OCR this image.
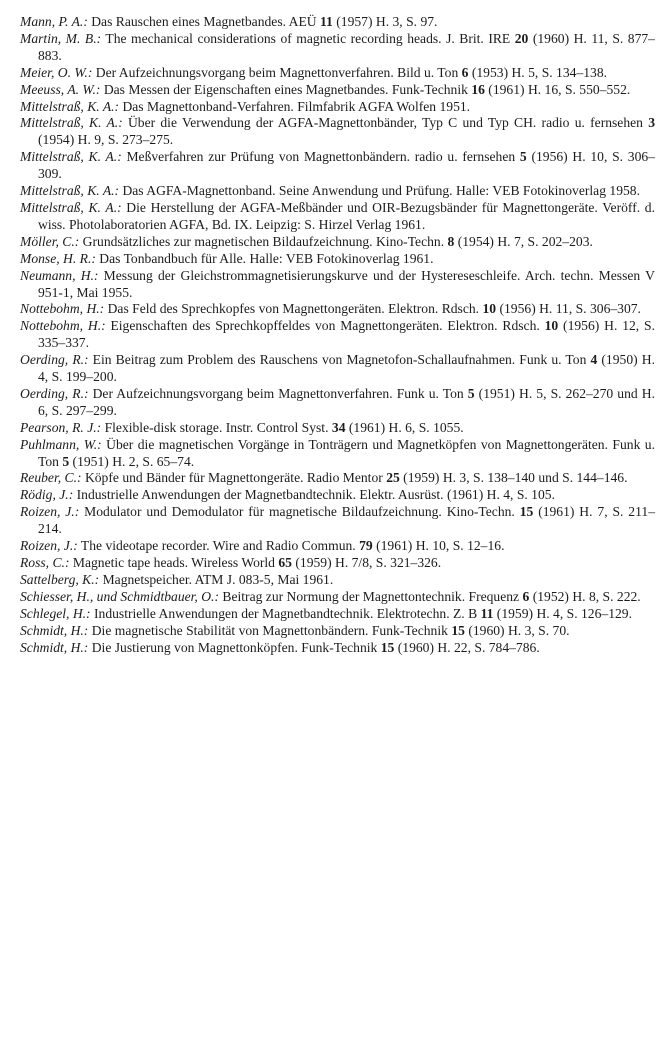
Mann, P. A.: Das Rauschen eines Magnetbandes. AEÜ 11 (1957) H. 3, S. 97.

Martin, M. B.: The mechanical considerations of magnetic recording heads. J. Brit. IRE 20 (1960) H. 11, S. 877–883.

Meier, O. W.: Der Aufzeichnungsvorgang beim Magnettonverfahren. Bild u. Ton 6 (1953) H. 5, S. 134–138.

Meeuss, A. W.: Das Messen der Eigenschaften eines Magnetbandes. Funk-Technik 16 (1961) H. 16, S. 550–552.

Mittelstraß, K. A.: Das Magnettonband-Verfahren. Filmfabrik AGFA Wolfen 1951.

Mittelstraß, K. A.: Über die Verwendung der AGFA-Magnettonbänder, Typ C und Typ CH. radio u. fernsehen 3 (1954) H. 9, S. 273–275.

Mittelstraß, K. A.: Meßverfahren zur Prüfung von Magnettonbändern. radio u. fernsehen 5 (1956) H. 10, S. 306–309.

Mittelstraß, K. A.: Das AGFA-Magnettonband. Seine Anwendung und Prüfung. Halle: VEB Fotokinoverlag 1958.

Mittelstraß, K. A.: Die Herstellung der AGFA-Meßbänder und OIR-Bezugsbänder für Magnettongeräte. Veröff. d. wiss. Photolaboratorien AGFA, Bd. IX. Leipzig: S. Hirzel Verlag 1961.

Möller, C.: Grundsätzliches zur magnetischen Bildaufzeichnung. Kino-Techn. 8 (1954) H. 7, S. 202–203.

Monse, H. R.: Das Tonbandbuch für Alle. Halle: VEB Fotokinoverlag 1961.

Neumann, H.: Messung der Gleichstrommagnetisierungskurve und der Hystereseschleife. Arch. techn. Messen V 951-1, Mai 1955.

Nottebohm, H.: Das Feld des Sprechkopfes von Magnettongeräten. Elektron. Rdsch. 10 (1956) H. 11, S. 306–307.

Nottebohm, H.: Eigenschaften des Sprechkopffeldes von Magnettongeräten. Elektron. Rdsch. 10 (1956) H. 12, S. 335–337.

Oerding, R.: Ein Beitrag zum Problem des Rauschens von Magnetofon-Schallaufnahmen. Funk u. Ton 4 (1950) H. 4, S. 199–200.

Oerding, R.: Der Aufzeichnungsvorgang beim Magnettonverfahren. Funk u. Ton 5 (1951) H. 5, S. 262–270 und H. 6, S. 297–299.

Pearson, R. J.: Flexible-disk storage. Instr. Control Syst. 34 (1961) H. 6, S. 1055.

Puhlmann, W.: Über die magnetischen Vorgänge in Tonträgern und Magnetköpfen von Magnettongeräten. Funk u. Ton 5 (1951) H. 2, S. 65–74.

Reuber, C.: Köpfe und Bänder für Magnettongeräte. Radio Mentor 25 (1959) H. 3, S. 138–140 und S. 144–146.

Rödig, J.: Industrielle Anwendungen der Magnetbandtechnik. Elektr. Ausrüst. (1961) H. 4, S. 105.

Roizen, J.: Modulator und Demodulator für magnetische Bildaufzeichnung. Kino-Techn. 15 (1961) H. 7, S. 211–214.

Roizen, J.: The videotape recorder. Wire and Radio Commun. 79 (1961) H. 10, S. 12–16.

Ross, C.: Magnetic tape heads. Wireless World 65 (1959) H. 7/8, S. 321–326.

Sattelberg, K.: Magnetspeicher. ATM J. 083-5, Mai 1961.

Schiesser, H., und Schmidtbauer, O.: Beitrag zur Normung der Magnettontechnik. Frequenz 6 (1952) H. 8, S. 222.

Schlegel, H.: Industrielle Anwendungen der Magnetbandtechnik. Elektrotechn. Z. B 11 (1959) H. 4, S. 126–129.

Schmidt, H.: Die magnetische Stabilität von Magnettonbändern. Funk-Technik 15 (1960) H. 3, S. 70.

Schmidt, H.: Die Justierung von Magnettonköpfen. Funk-Technik 15 (1960) H. 22, S. 784–786.
